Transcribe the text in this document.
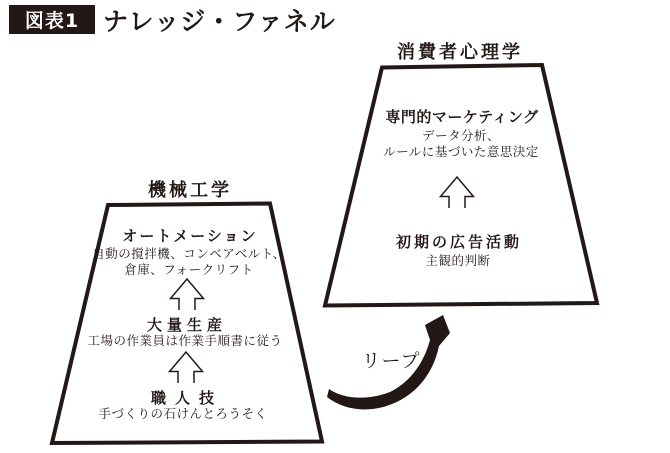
図表1 ナレッジ・ファネル
機械工学
オートメーション
自動の撹拌機、コンベアベルト、
倉庫、フォークリフト
大量生産
工場の作業員は作業手順書に従う
職人技
手づくりの石けんとろうそく
消費者心理学
専門的マーケティング
データ分析、
ルールに基づいた意思決定
初期の広告活動
主観的判断
リープ
